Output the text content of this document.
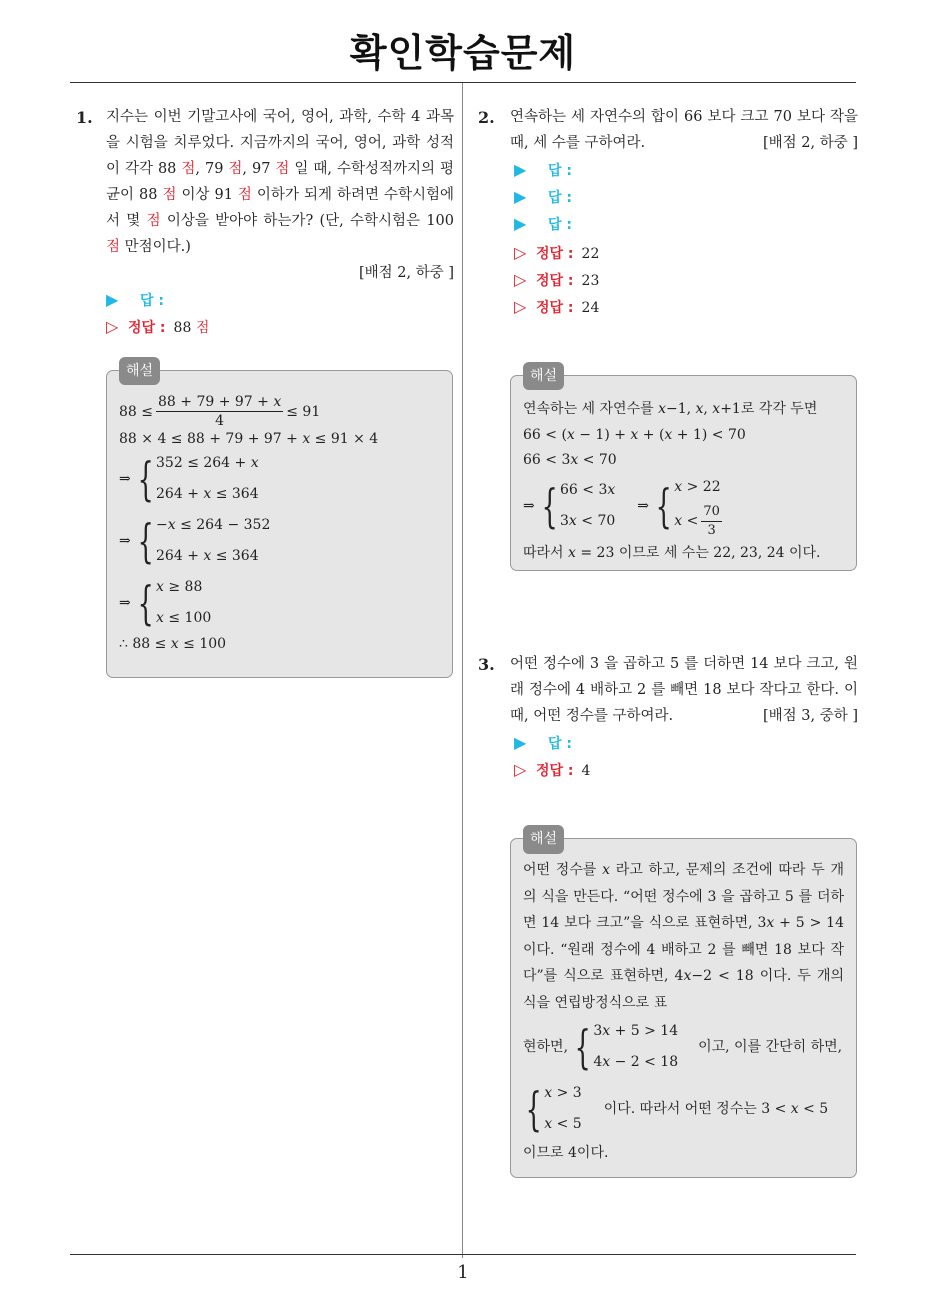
확인학습문제
1. 지수는 이번 기말고사에 국어, 영어, 과학, 수학 4 과목을 시험을 치루었다. 지금까지의 국어, 영어, 과학 성적이 각각 88 점, 79 점, 97 점 일 때, 수학성적까지의 평균이 88 점 이상 91 점 이하가 되게 하려면 수학시험에서 몇 점 이상을 받아야 하는가? (단, 수학시험은 100 점 만점이다.)
[배점 2, 하중 ]
▶ 답 :
▷ 정답 : 88 점
해설
$88 \le \frac{\text{88 + 79 + 97 + 𝑥}}{4} \le 91$
88 × 4 ≤ 88 + 79 + 97 + 𝑥 ≤ 91 × 4
⇒ { 352 ≤ 264 + 𝑥
264 + 𝑥 ≤ 364
⇒ { −𝑥 ≤ 264 − 352
264 + 𝑥 ≤ 364
⇒ { 𝑥 ≥ 88
𝑥 ≤ 100
∴ 88 ≤ 𝑥 ≤ 100
2. 연속하는 세 자연수의 합이 66 보다 크고 70 보다 작을 때, 세 수를 구하여라.	[배점 2, 하중 ]
▶ 답 :
▶ 답 :
▶ 답 :
▷ 정답 : 22
▷ 정답 : 23
▷ 정답 : 24
해설
연속하는 세 자연수를 𝑥−1, 𝑥, 𝑥+1로 각각 두면
66 < (𝑥 − 1) + 𝑥 + (𝑥 + 1) < 70
66 < 3𝑥 < 70
⇒ { 66 < 3𝑥
3𝑥 < 70
⇒ { 𝑥 > 22
𝑥 < $\frac{70}{3}$
따라서 𝑥 = 23 이므로 세 수는 22, 23, 24 이다.
3. 어떤 정수에 3 을 곱하고 5 를 더하면 14 보다 크고, 원래 정수에 4 배하고 2 를 빼면 18 보다 작다고 한다. 이 때, 어떤 정수를 구하여라.	[배점 3, 중하 ]
▶ 답 :
▷ 정답 : 4
해설
어떤 정수를 𝑥 라고 하고, 문제의 조건에 따라 두 개의 식을 만든다. “어떤 정수에 3 을 곱하고 5 를 더하면 14 보다 크고”을 식으로 표현하면, 3𝑥 + 5 > 14 이다. “원래 정수에 4 배하고 2 를 빼면 18 보다 작다”를 식으로 표현하면, 4𝑥−2 < 18 이다. 두 개의 식을 연립방정식으로 표
현하면, { 3𝑥 + 5 > 14
4𝑥 − 2 < 18
이고, 이를 간단히 하면,
{ 𝑥 > 3
𝑥 < 5
이다. 따라서 어떤 정수는 3 < 𝑥 < 5
이므로 4이다.
1
